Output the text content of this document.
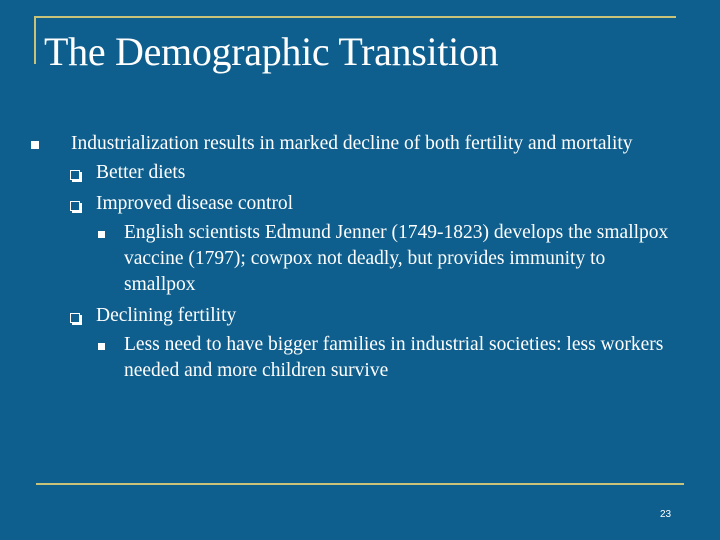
The Demographic Transition
Industrialization results in marked decline of both fertility and mortality
Better diets
Improved disease control
English scientists Edmund Jenner (1749-1823) develops the smallpox vaccine (1797); cowpox not deadly, but provides immunity to smallpox
Declining fertility
Less need to have bigger families in industrial societies: less workers needed and more children survive
23
